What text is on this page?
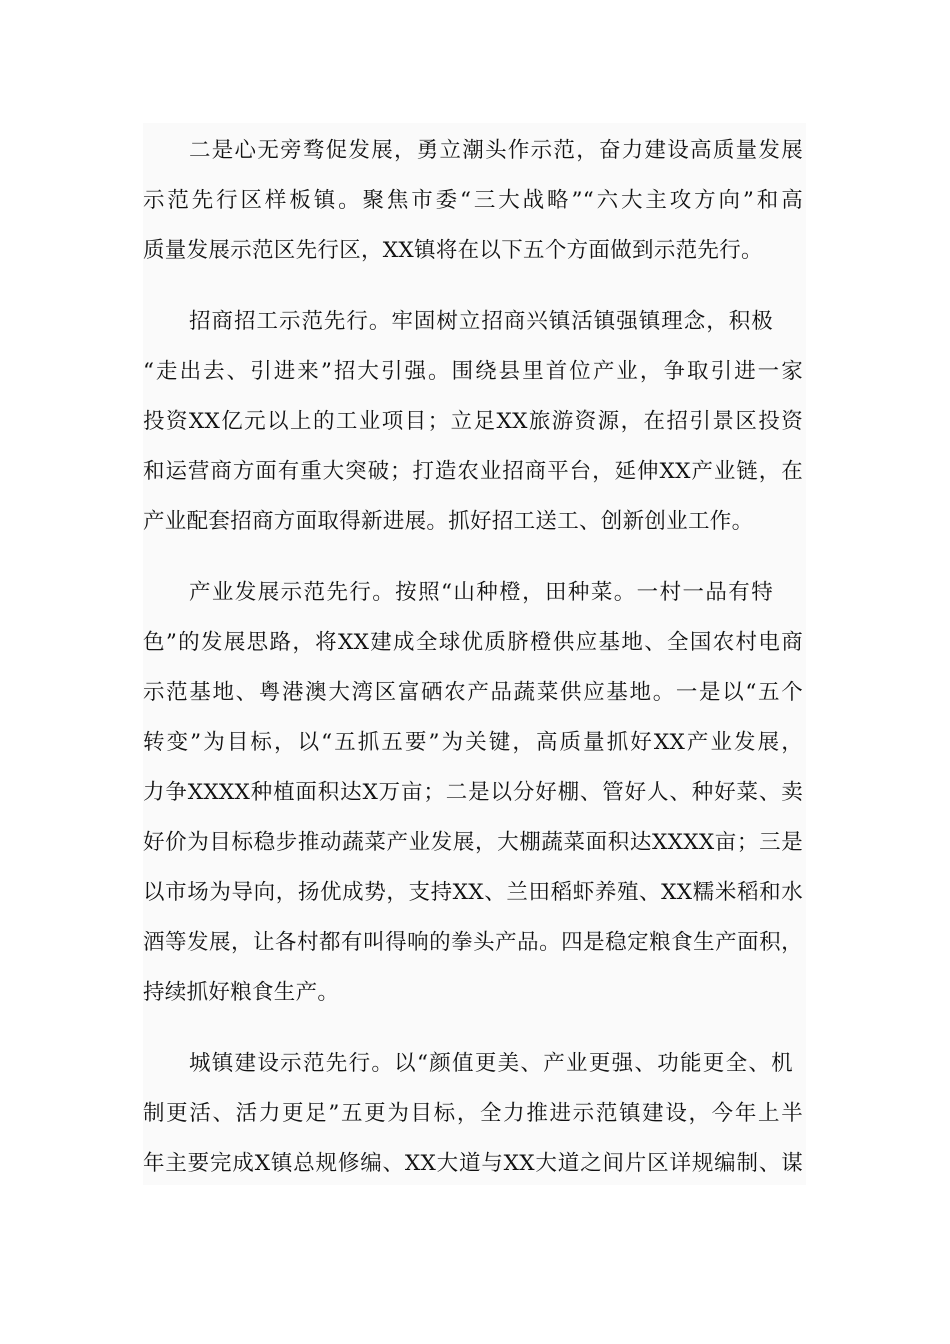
二是心无旁骛促发展，勇立潮头作示范，奋力建设高质量发展
示范先行区样板镇。聚焦市委“三大战略”“六大主攻方向”和高
质量发展示范区先行区，XX镇将在以下五个方面做到示范先行。
招商招工示范先行。牢固树立招商兴镇活镇强镇理念，积极
“走出去、引进来”招大引强。围绕县里首位产业，争取引进一家
投资XX亿元以上的工业项目；立足XX旅游资源，在招引景区投资
和运营商方面有重大突破；打造农业招商平台，延伸XX产业链，在
产业配套招商方面取得新进展。抓好招工送工、创新创业工作。
产业发展示范先行。按照“山种橙，田种菜。一村一品有特
色”的发展思路，将XX建成全球优质脐橙供应基地、全国农村电商
示范基地、粤港澳大湾区富硒农产品蔬菜供应基地。一是以“五个
转变”为目标，以“五抓五要”为关键，高质量抓好XX产业发展，
力争XXXX种植面积达X万亩；二是以分好棚、管好人、种好菜、卖
好价为目标稳步推动蔬菜产业发展，大棚蔬菜面积达XXXX亩；三是
以市场为导向，扬优成势，支持XX、兰田稻虾养殖、XX糯米稻和水
酒等发展，让各村都有叫得响的拳头产品。四是稳定粮食生产面积，
持续抓好粮食生产。
城镇建设示范先行。以“颜值更美、产业更强、功能更全、机
制更活、活力更足”五更为目标，全力推进示范镇建设，今年上半
年主要完成X镇总规修编、XX大道与XX大道之间片区详规编制、谋
